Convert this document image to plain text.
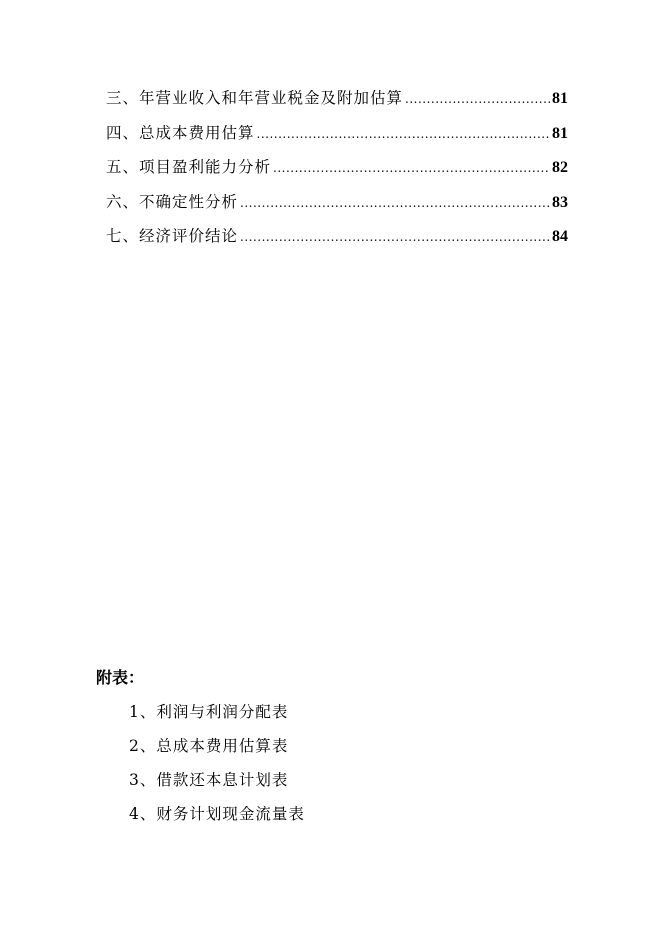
三、年营业收入和年营业税金及附加估算 .....	81
四、总成本费用估算 .....	81
五、项目盈利能力分析 .....	82
六、不确定性分析 .....	83
七、经济评价结论 .....	84
附表：
1、利润与利润分配表
2、总成本费用估算表
3、借款还本息计划表
4、财务计划现金流量表
